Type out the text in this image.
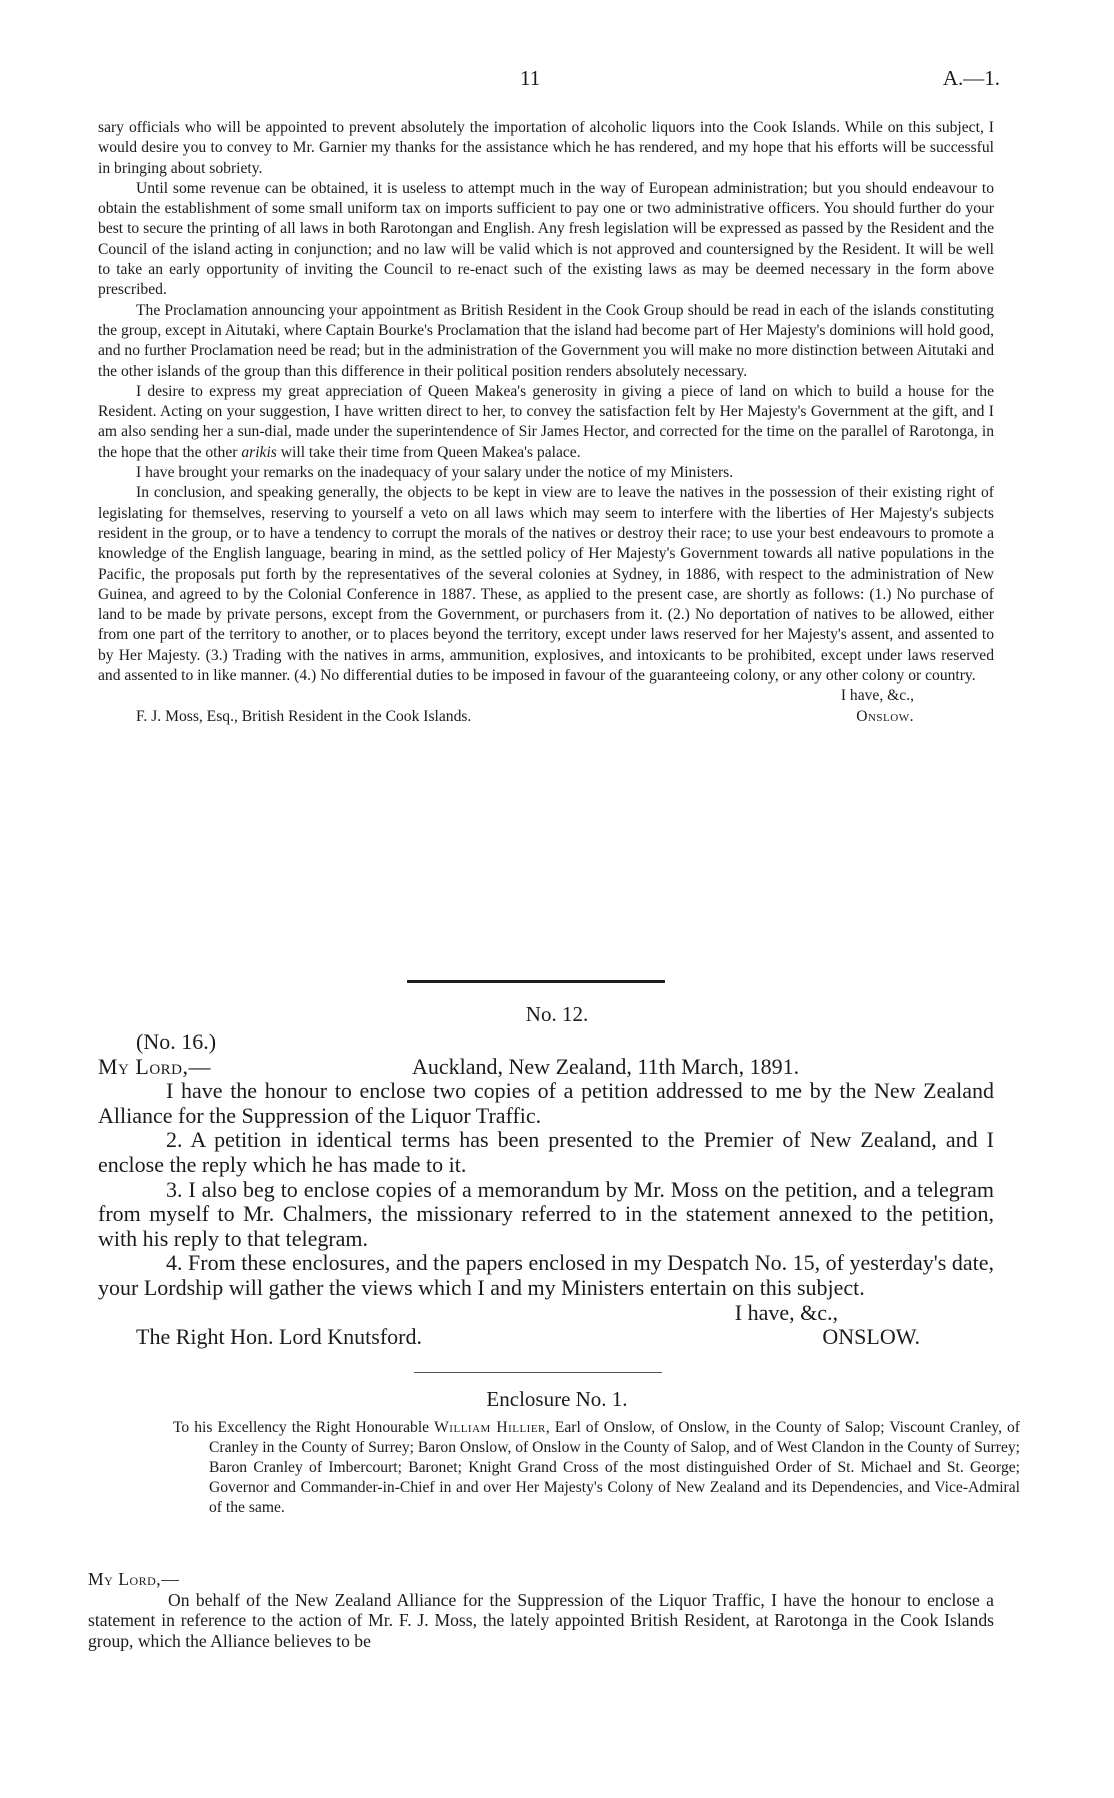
11	A.—1.

sary officials who will be appointed to prevent absolutely the importation of alcoholic liquors into the Cook Islands. While on this subject, I would desire you to convey to Mr. Garnier my thanks for the assistance which he has rendered, and my hope that his efforts will be successful in bringing about sobriety.

Until some revenue can be obtained, it is useless to attempt much in the way of European administration; but you should endeavour to obtain the establishment of some small uniform tax on imports sufficient to pay one or two administrative officers. You should further do your best to secure the printing of all laws in both Rarotongan and English. Any fresh legislation will be expressed as passed by the Resident and the Council of the island acting in conjunction; and no law will be valid which is not approved and countersigned by the Resident. It will be well to take an early opportunity of inviting the Council to re-enact such of the existing laws as may be deemed necessary in the form above prescribed.

The Proclamation announcing your appointment as British Resident in the Cook Group should be read in each of the islands constituting the group, except in Aitutaki, where Captain Bourke's Proclamation that the island had become part of Her Majesty's dominions will hold good, and no further Proclamation need be read; but in the administration of the Government you will make no more distinction between Aitutaki and the other islands of the group than this difference in their political position renders absolutely necessary.

I desire to express my great appreciation of Queen Makea's generosity in giving a piece of land on which to build a house for the Resident. Acting on your suggestion, I have written direct to her, to convey the satisfaction felt by Her Majesty's Government at the gift, and I am also sending her a sun-dial, made under the superintendence of Sir James Hector, and corrected for the time on the parallel of Rarotonga, in the hope that the other arikis will take their time from Queen Makea's palace.

I have brought your remarks on the inadequacy of your salary under the notice of my Ministers.

In conclusion, and speaking generally, the objects to be kept in view are to leave the natives in the possession of their existing right of legislating for themselves, reserving to yourself a veto on all laws which may seem to interfere with the liberties of Her Majesty's subjects resident in the group, or to have a tendency to corrupt the morals of the natives or destroy their race; to use your best endeavours to promote a knowledge of the English language, bearing in mind, as the settled policy of Her Majesty's Government towards all native populations in the Pacific, the proposals put forth by the representatives of the several colonies at Sydney, in 1886, with respect to the administration of New Guinea, and agreed to by the Colonial Conference in 1887. These, as applied to the present case, are shortly as follows: (1.) No purchase of land to be made by private persons, except from the Government, or purchasers from it. (2.) No deportation of natives to be allowed, either from one part of the territory to another, or to places beyond the territory, except under laws reserved for her Majesty's assent, and assented to by Her Majesty. (3.) Trading with the natives in arms, ammunition, explosives, and intoxicants to be prohibited, except under laws reserved and assented to in like manner. (4.) No differential duties to be imposed in favour of the guaranteeing colony, or any other colony or country.

I have, &c.,
F. J. Moss, Esq., British Resident in the Cook Islands.	Onslow.
No. 12.
(No. 16.)
My Lord,—	Auckland, New Zealand, 11th March, 1891.

I have the honour to enclose two copies of a petition addressed to me by the New Zealand Alliance for the Suppression of the Liquor Traffic.

2. A petition in identical terms has been presented to the Premier of New Zealand, and I enclose the reply which he has made to it.

3. I also beg to enclose copies of a memorandum by Mr. Moss on the petition, and a telegram from myself to Mr. Chalmers, the missionary referred to in the statement annexed to the petition, with his reply to that telegram.

4. From these enclosures, and the papers enclosed in my Despatch No. 15, of yesterday's date, your Lordship will gather the views which I and my Ministers entertain on this subject.

I have, &c.,
The Right Hon. Lord Knutsford.	ONSLOW.
Enclosure No. 1.
To his Excellency the Right Honourable William Hillier, Earl of Onslow, of Onslow, in the County of Salop; Viscount Cranley, of Cranley in the County of Surrey; Baron Onslow, of Onslow in the County of Salop, and of West Clandon in the County of Surrey; Baron Cranley of Imbercourt; Baronet; Knight Grand Cross of the most distinguished Order of St. Michael and St. George; Governor and Commander-in-Chief in and over Her Majesty's Colony of New Zealand and its Dependencies, and Vice-Admiral of the same.
My Lord,—

On behalf of the New Zealand Alliance for the Suppression of the Liquor Traffic, I have the honour to enclose a statement in reference to the action of Mr. F. J. Moss, the lately appointed British Resident, at Rarotonga in the Cook Islands group, which the Alliance believes to be
